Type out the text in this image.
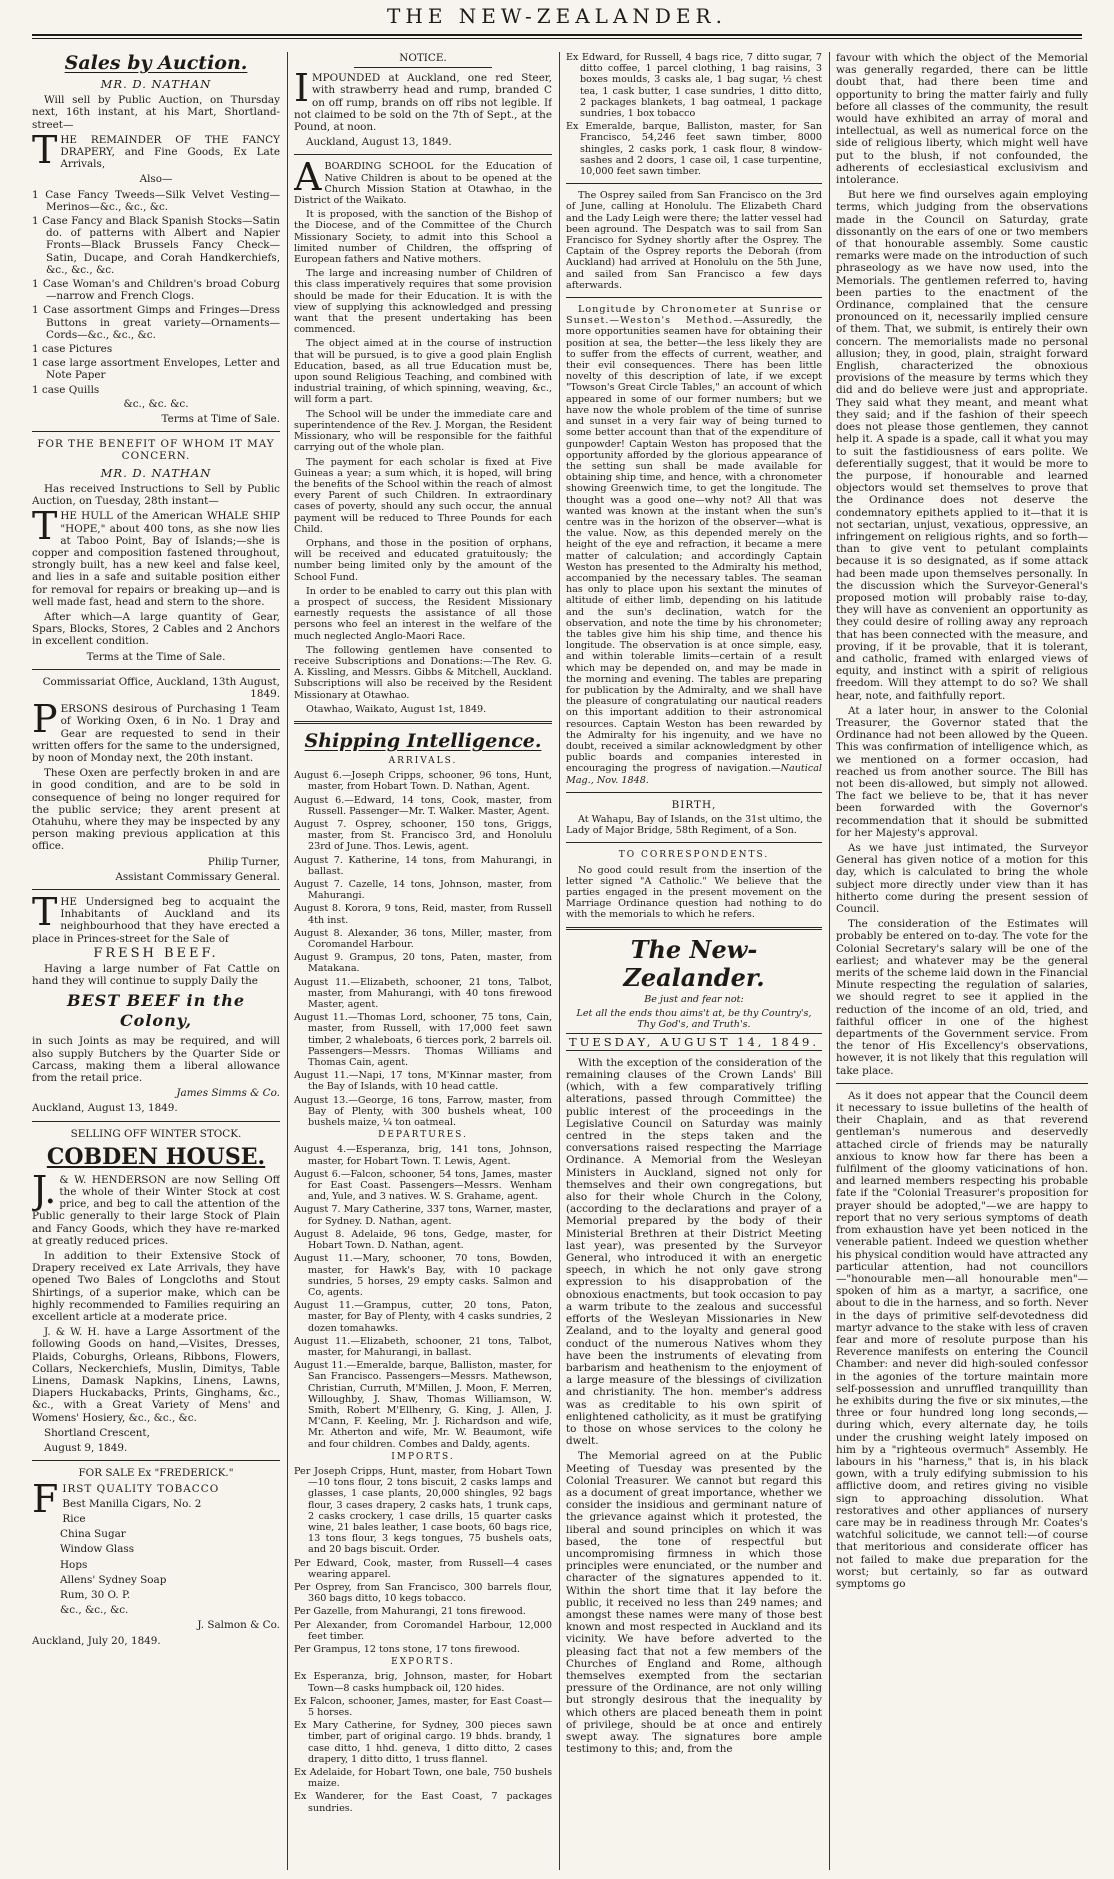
THE NEW-ZEALANDER.
Sales by Auction.
MR. D. NATHAN

Will sell by Public Auction, on Thursday next, 16th instant, at his Mart, Shortland-street—

THE REMAINDER OF THE FANCY DRAPERY, and Fine Goods, Ex Late Arrivals,

Also—

1 Case Fancy Tweeds—Silk Velvet Vesting—Merinos—&c., &c., &c.

1 Case Fancy and Black Spanish Stocks—Satin do. of patterns with Albert and Napier Fronts—Black Brussels Fancy Check—Satin, Ducape, and Corah Handkerchiefs, &c., &c., &c.

1 Case Woman's and Children's broad Coburg—narrow and French Clogs.

1 Case assortment Gimps and Fringes—Dress Buttons in great variety—Ornaments—Cords—&c., &c., &c.

1 case Pictures

1 case large assortment Envelopes, Letter and Note Paper

1 case Quills

&c., &c. &c.

Terms at Time of Sale.

FOR THE BENEFIT OF WHOM IT MAY CONCERN.

MR. D. NATHAN

Has received Instructions to Sell by Public Auction, on Tuesday, 28th instant—

THE HULL of the American WHALE SHIP "HOPE," about 400 tons, as she now lies at Taboo Point, Bay of Islands;—she is copper and composition fastened throughout, strongly built, has a new keel and false keel, and lies in a safe and suitable position either for removal for repairs or breaking up—and is well made fast, head and stern to the shore.

After which—A large quantity of Gear, Spars, Blocks, Stores, 2 Cables and 2 Anchors in excellent condition.

Terms at the Time of Sale.

Commissariat Office, Auckland, 13th August, 1849.

PERSONS desirous of Purchasing 1 Team of Working Oxen, 6 in No. 1 Dray and Gear are requested to send in their written offers for the same to the undersigned, by noon of Monday next, the 20th instant.

These Oxen are perfectly broken in and are in good condition, and are to be sold in consequence of being no longer required for the public service; they arent present at Otahuhu, where they may be inspected by any person making previous application at this office.

Philip Turner,

Assistant Commissary General.

THE Undersigned beg to acquaint the Inhabitants of Auckland and its neighbourhood that they have erected a place in Princes-street for the Sale of

FRESH BEEF.

Having a large number of Fat Cattle on hand they will continue to supply Daily the

BEST BEEF in the Colony,

in such Joints as may be required, and will also supply Butchers by the Quarter Side or Carcass, making them a liberal allowance from the retail price.

James Simms & Co.

Auckland, August 13, 1849.

SELLING OFF WINTER STOCK.

COBDEN HOUSE.

J.& W. HENDERSON are now Selling Off the whole of their Winter Stock at cost price, and beg to call the attention of the Public generally to their large Stock of Plain and Fancy Goods, which they have re-marked at greatly reduced prices.

In addition to their Extensive Stock of Drapery received ex Late Arrivals, they have opened Two Bales of Longcloths and Stout Shirtings, of a superior make, which can be highly recommended to Families requiring an excellent article at a moderate price.

J. & W. H. have a Large Assortment of the following Goods on hand,—Visites, Dresses, Plaids, Coburghs, Orleans, Ribbons, Flowers, Collars, Neckerchiefs, Muslin, Dimitys, Table Linens, Damask Napkins, Linens, Lawns, Diapers Huckabacks, Prints, Ginghams, &c., &c., with a Great Variety of Mens' and Womens' Hosiery, &c., &c., &c.

Shortland Crescent,

August 9, 1849.

FOR SALE Ex "FREDERICK."

FIRST QUALITY TOBACCO

Best Manilla Cigars, No. 2

Rice

China Sugar

Window Glass

Hops

Allens' Sydney Soap

Rum, 30 O. P.

&c., &c., &c.

J. Salmon & Co.

Auckland, July 20, 1849.

NOTICE.

IMPOUNDED at Auckland, one red Steer, with strawberry head and rump, branded C on off rump, brands on off ribs not legible. If not claimed to be sold on the 7th of Sept., at the Pound, at noon.

Auckland, August 13, 1849.

ABOARDING SCHOOL for the Education of Native Children is about to be opened at the Church Mission Station at Otawhao, in the District of the Waikato.

It is proposed, with the sanction of the Bishop of the Diocese, and of the Committee of the Church Missionary Society, to admit into this School a limited number of Children, the offspring of European fathers and Native mothers.

The large and increasing number of Children of this class imperatively requires that some provision should be made for their Education. It is with the view of supplying this acknowledged and pressing want that the present undertaking has been commenced.

The object aimed at in the course of instruction that will be pursued, is to give a good plain English Education, based, as all true Education must be, upon sound Religious Teaching, and combined with industrial training, of which spinning, weaving, &c., will form a part.

The School will be under the immediate care and superintendence of the Rev. J. Morgan, the Resident Missionary, who will be responsible for the faithful carrying out of the whole plan.

The payment for each scholar is fixed at Five Guineas a year; a sum which, it is hoped, will bring the benefits of the School within the reach of almost every Parent of such Children. In extraordinary cases of poverty, should any such occur, the annual payment will be reduced to Three Pounds for each Child.

Orphans, and those in the position of orphans, will be received and educated gratuitously; the number being limited only by the amount of the School Fund.

In order to be enabled to carry out this plan with a prospect of success, the Resident Missionary earnestly requests the assistance of all those persons who feel an interest in the welfare of the much neglected Anglo-Maori Race.

The following gentlemen have consented to receive Subscriptions and Donations:—The Rev. G. A. Kissling, and Messrs. Gibbs & Mitchell, Auckland. Subscriptions will also be received by the Resident Missionary at Otawhao.

Otawhao, Waikato, August 1st, 1849.

Shipping Intelligence.

ARRIVALS.

August 6.—Joseph Cripps, schooner, 96 tons, Hunt, master, from Hobart Town. D. Nathan, Agent.

August 6.—Edward, 14 tons, Cook, master, from Russell. Passenger—Mr. T. Walker. Master, Agent.

August 7. Osprey, schooner, 150 tons, Griggs, master, from St. Francisco 3rd, and Honolulu 23rd of June. Thos. Lewis, agent.

August 7. Katherine, 14 tons, from Mahurangi, in ballast.

August 7. Cazelle, 14 tons, Johnson, master, from Mahurangi.

August 8. Korora, 9 tons, Reid, master, from Russell 4th inst.

August 8. Alexander, 36 tons, Miller, master, from Coromandel Harbour.

August 9. Grampus, 20 tons, Paten, master, from Matakana.

August 11.—Elizabeth, schooner, 21 tons, Talbot, master, from Mahurangi, with 40 tons firewood Master, agent.

August 11.—Thomas Lord, schooner, 75 tons, Cain, master, from Russell, with 17,000 feet sawn timber, 2 whaleboats, 6 tierces pork, 2 barrels oil. Passengers—Messrs. Thomas Williams and Thomas Cain, agent.

August 11.—Napi, 17 tons, M'Kinnar master, from the Bay of Islands, with 10 head cattle.

August 13.—George, 16 tons, Farrow, master, from Bay of Plenty, with 300 bushels wheat, 100 bushels maize, ¼ ton oatmeal.

DEPARTURES.

August 4.—Esperanza, brig, 141 tons, Johnson, master, for Hobart Town. T. Lewis, Agent.

August 6.—Falcon, schooner, 54 tons, James, master for East Coast. Passengers—Messrs. Wenham and, Yule, and 3 natives. W. S. Grahame, agent.

August 7. Mary Catherine, 337 tons, Warner, master, for Sydney. D. Nathan, agent.

August 8. Adelaide, 96 tons, Gedge, master, for Hobart Town. D. Nathan, agent.

August 11.—Mary, schooner, 70 tons, Bowden, master, for Hawk's Bay, with 10 package sundries, 5 horses, 29 empty casks. Salmon and Co, agents.

August 11.—Grampus, cutter, 20 tons, Paton, master, for Bay of Plenty, with 4 casks sundries, 2 dozen tomahawks.

August 11.—Elizabeth, schooner, 21 tons, Talbot, master, for Mahurangi, in ballast.

August 11.—Emeralde, barque, Balliston, master, for San Francisco. Passengers—Messrs. Mathewson, Christian, Curruth, M'Millen, J. Moon, F. Merren, Willoughby, J. Shaw, Thomas Williamson, W. Smith, Robert M'Ellhenry, G. King, J. Allen, J. M'Cann, F. Keeling, Mr. J. Richardson and wife, Mr. Atherton and wife, Mr. W. Beaumont, wife and four children. Combes and Daldy, agents.

IMPORTS.

Per Joseph Cripps, Hunt, master, from Hobart Town—10 tons flour, 2 tons biscuit, 2 casks lamps and glasses, 1 case plants, 20,000 shingles, 92 bags flour, 3 cases drapery, 2 casks hats, 1 trunk caps, 2 casks crockery, 1 case drills, 15 quarter casks wine, 21 bales leather, 1 case boots, 60 bags rice, 13 tons flour, 3 kegs tongues, 75 bushels oats, and 20 bags biscuit. Order.

Per Edward, Cook, master, from Russell—4 cases wearing apparel.

Per Osprey, from San Francisco, 300 barrels flour, 360 bags ditto, 10 kegs tobacco.

Per Gazelle, from Mahurangi, 21 tons firewood.

Per Alexander, from Coromandel Harbour, 12,000 feet timber.

Per Grampus, 12 tons stone, 17 tons firewood.

EXPORTS.

Ex Esperanza, brig, Johnson, master, for Hobart Town—8 casks humpback oil, 120 hides.

Ex Falcon, schooner, James, master, for East Coast—5 horses.

Ex Mary Catherine, for Sydney, 300 pieces sawn timber, part of original cargo. 19 bhds. brandy, 1 case ditto, 1 hhd. geneva, 1 ditto ditto, 2 cases drapery, 1 ditto ditto, 1 truss flannel.

Ex Adelaide, for Hobart Town, one bale, 750 bushels maize.

Ex Wanderer, for the East Coast, 7 packages sundries.

Ex Edward, for Russell, 4 bags rice, 7 ditto sugar, 7 ditto coffee, 1 parcel clothing, 1 bag raisins, 3 boxes moulds, 3 casks ale, 1 bag sugar, ½ chest tea, 1 cask butter, 1 case sundries, 1 ditto ditto, 2 packages blankets, 1 bag oatmeal, 1 package sundries, 1 box tobacco

Ex Emeralde, barque, Balliston, master, for San Francisco, 54,246 feet sawn timber, 8000 shingles, 2 casks pork, 1 cask flour, 8 window-sashes and 2 doors, 1 case oil, 1 case turpentine, 10,000 feet sawn timber.

The Osprey sailed from San Francisco on the 3rd of June, calling at Honolulu. The Elizabeth Chard and the Lady Leigh were there; the latter vessel had been aground. The Despatch was to sail from San Francisco for Sydney shortly after the Osprey. The Captain of the Osprey reports the Deborah (from Auckland) had arrived at Honolulu on the 5th June, and sailed from San Francisco a few days afterwards.

Longitude by Chronometer at Sunrise or Sunset.—Weston's Method.—Assuredly, the more opportunities seamen have for obtaining their position at sea, the better—the less likely they are to suffer from the effects of current, weather, and their evil consequences. There has been little novelty of this description of late, if we except "Towson's Great Circle Tables," an account of which appeared in some of our former numbers; but we have now the whole problem of the time of sunrise and sunset in a very fair way of being turned to some better account than that of the expenditure of gunpowder! Captain Weston has proposed that the opportunity afforded by the glorious appearance of the setting sun shall be made available for obtaining ship time, and hence, with a chronometer showing Greenwich time, to get the longitude. The thought was a good one—why not? All that was wanted was known at the instant when the sun's centre was in the horizon of the observer—what is the value. Now, as this depended merely on the height of the eye and refraction, it became a mere matter of calculation; and accordingly Captain Weston has presented to the Admiralty his method, accompanied by the necessary tables. The seaman has only to place upon his sextant the minutes of altitude of either limb, depending on his latitude and the sun's declination, watch for the observation, and note the time by his chronometer; the tables give him his ship time, and thence his longitude. The observation is at once simple, easy, and within tolerable limits—certain of a result which may be depended on, and may be made in the morning and evening. The tables are preparing for publication by the Admiralty, and we shall have the pleasure of congratulating our nautical readers on this important addition to their astronomical resources. Captain Weston has been rewarded by the Admiralty for his ingenuity, and we have no doubt, received a similar acknowledgment by other public boards and companies interested in encouraging the progress of navigation.—Nautical Mag., Nov. 1848.

BIRTH,

At Wahapu, Bay of Islands, on the 31st ultimo, the Lady of Major Bridge, 58th Regiment, of a Son.

TO CORRESPONDENTS.

No good could result from the insertion of the letter signed "A Catholic." We believe that the parties engaged in the present movement on the Marriage Ordinance question had nothing to do with the memorials to which he refers.

The New-Zealander.

Be just and fear not:

Let all the ends thou aims't at, be thy Country's, Thy God's, and Truth's.

TUESDAY, AUGUST 14, 1849.

With the exception of the consideration of the remaining clauses of the Crown Lands' Bill (which, with a few comparatively trifling alterations, passed through Committee) the public interest of the proceedings in the Legislative Council on Saturday was mainly centred in the steps taken and the conversations raised respecting the Marriage Ordinance. A Memorial from the Wesleyan Ministers in Auckland, signed not only for themselves and their own congregations, but also for their whole Church in the Colony, (according to the declarations and prayer of a Memorial prepared by the body of their Ministerial Brethren at their District Meeting last year), was presented by the Surveyor General, who introduced it with an energetic speech, in which he not only gave strong expression to his disapprobation of the obnoxious enactments, but took occasion to pay a warm tribute to the zealous and successful efforts of the Wesleyan Missionaries in New Zealand, and to the loyalty and general good conduct of the numerous Natives whom they have been the instruments of elevating from barbarism and heathenism to the enjoyment of a large measure of the blessings of civilization and christianity. The hon. member's address was as creditable to his own spirit of enlightened catholicity, as it must be gratifying to those on whose services to the colony he dwelt.

The Memorial agreed on at the Public Meeting of Tuesday was presented by the Colonial Treasurer. We cannot but regard this as a document of great importance, whether we consider the insidious and germinant nature of the grievance against which it protested, the liberal and sound principles on which it was based, the tone of respectful but uncompromising firmness in which those principles were enunciated, or the number and character of the signatures appended to it. Within the short time that it lay before the public, it received no less than 249 names; and amongst these names were many of those best known and most respected in Auckland and its vicinity. We have before adverted to the pleasing fact that not a few members of the Churches of England and Rome, although themselves exempted from the sectarian pressure of the Ordinance, are not only willing but strongly desirous that the inequality by which others are placed beneath them in point of privilege, should be at once and entirely swept away. The signatures bore ample testimony to this; and, from the

favour with which the object of the Memorial was generally regarded, there can be little doubt that, had there been time and opportunity to bring the matter fairly and fully before all classes of the community, the result would have exhibited an array of moral and intellectual, as well as numerical force on the side of religious liberty, which might well have put to the blush, if not confounded, the adherents of ecclesiastical exclusivism and intolerance.

But here we find ourselves again employing terms, which judging from the observations made in the Council on Saturday, grate dissonantly on the ears of one or two members of that honourable assembly. Some caustic remarks were made on the introduction of such phraseology as we have now used, into the Memorials. The gentlemen referred to, having been parties to the enactment of the Ordinance, complained that the censure pronounced on it, necessarily implied censure of them. That, we submit, is entirely their own concern. The memorialists made no personal allusion; they, in good, plain, straight forward English, characterized the obnoxious provisions of the measure by terms which they did and do believe were just and appropriate. They said what they meant, and meant what they said; and if the fashion of their speech does not please those gentlemen, they cannot help it. A spade is a spade, call it what you may to suit the fastidiousness of ears polite. We deferentially suggest, that it would be more to the purpose, if honourable and learned objectors would set themselves to prove that the Ordinance does not deserve the condemnatory epithets applied to it—that it is not sectarian, unjust, vexatious, oppressive, an infringement on religious rights, and so forth—than to give vent to petulant complaints because it is so designated, as if some attack had been made upon themselves personally. In the discussion which the Surveyor-General's proposed motion will probably raise to-day, they will have as convenient an opportunity as they could desire of rolling away any reproach that has been connected with the measure, and proving, if it be provable, that it is tolerant, and catholic, framed with enlarged views of equity, and instinct with a spirit of religious freedom. Will they attempt to do so? We shall hear, note, and faithfully report.

At a later hour, in answer to the Colonial Treasurer, the Governor stated that the Ordinance had not been allowed by the Queen. This was confirmation of intelligence which, as we mentioned on a former occasion, had reached us from another source. The Bill has not been dis-allowed, but simply not allowed. The fact we believe to be, that it has never been forwarded with the Governor's recommendation that it should be submitted for her Majesty's approval.

As we have just intimated, the Surveyor General has given notice of a motion for this day, which is calculated to bring the whole subject more directly under view than it has hitherto come during the present session of Council.

The consideration of the Estimates will probably be entered on to-day. The vote for the Colonial Secretary's salary will be one of the earliest; and whatever may be the general merits of the scheme laid down in the Financial Minute respecting the regulation of salaries, we should regret to see it applied in the reduction of the income of an old, tried, and faithful officer in one of the highest departments of the Government service. From the tenor of His Excellency's observations, however, it is not likely that this regulation will take place.

As it does not appear that the Council deem it necessary to issue bulletins of the health of their Chaplain, and as that reverend gentleman's numerous and deservedly attached circle of friends may be naturally anxious to know how far there has been a fulfilment of the gloomy vaticinations of hon. and learned members respecting his probable fate if the "Colonial Treasurer's proposition for prayer should be adopted,"—we are happy to report that no very serious symptoms of death from exhaustion have yet been noticed in the venerable patient. Indeed we question whether his physical condition would have attracted any particular attention, had not councillors—"honourable men—all honourable men"—spoken of him as a martyr, a sacrifice, one about to die in the harness, and so forth. Never in the days of primitive self-devotedness did martyr advance to the stake with less of craven fear and more of resolute purpose than his Reverence manifests on entering the Council Chamber: and never did high-souled confessor in the agonies of the torture maintain more self-possession and unruffled tranquillity than he exhibits during the five or six minutes,—the three or four hundred long long seconds,—during which, every alternate day, he toils under the crushing weight lately imposed on him by a "righteous overmuch" Assembly. He labours in his "harness," that is, in his black gown, with a truly edifying submission to his afflictive doom, and retires giving no visible sign to approaching dissolution. What restoratives and other appliances of nursery care may be in readiness through Mr. Coates's watchful solicitude, we cannot tell:—of course that meritorious and considerate officer has not failed to make due preparation for the worst; but certainly, so far as outward symptoms go
